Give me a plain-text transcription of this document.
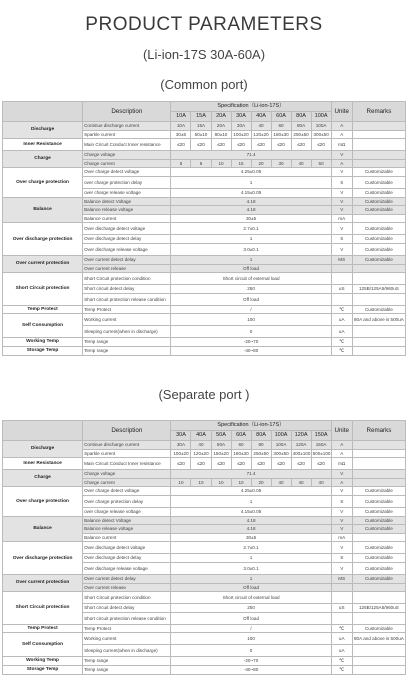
PRODUCT PARAMETERS
(Li-ion-17S 30A-60A)
(Common port)
(Separate port )
	Description	Specification（Li-ion-17S）								Unite	Remarks
		10A	15A	20A	30A	40A	60A	80A	100A		
Discharge	Continue discharge current	10A	15A	20A	30A	40	60	80A	100A	A	
	Sparkle current	30±5	50±10	80±10	100±20	120±20	180±30	250±50	300±50	A	
Inner Resistance	Main Circuit Conduct Inner resistance	≤20	≤20	≤20	≤20	≤20	≤20	≤20	≤20	mΩ	
Charge	Charge voltage	71.4								V	
	Charge current	5	8	10	15	20	30	40	50	A	
Over charge protection	Over charge detect voltage	4.25±0.05								V	Customizable
	over charge protection delay	1								S	Customizable
	over charge release voltage	4.15±0.05								V	Customizable
Balance	Balance detect Voltage	4.18								V	Customizable
	Balance release voltage	4.18								V	Customizable
	Balance current	30±5								mA	
Over discharge protection	Over discharge detect voltage	2.7±0.1								V	Customizable
	Over discharge detect delay	1								S	Customizable
	Over discharge release voltage	3.0±0.1								V	Customizable
Over current protection	Over current detect delay	1								MS	Customizable
	Over current release	Off load									
Short Circuit protection	Short Circuit protection condition	Short circuit of external load									
	Short circuit detect delay	250								uS	125B/125A5/960uS
	Short circuit protection release condition	Off load									
Temp Protect	Temp Protect	/								℃	Customizable
Self Consumption	Working current	100								uA	80A and above is 500uA
	Sleeping current(when in discharge)	0								uA	
Working Temp	Temp range	-20~70								℃	
Storage Temp	Temp range	-40~80								℃	
	Description	Specification（Li-ion-17S）								Unite	Remarks
		30A	40A	50A	60A	80A	100A	120A	150A		
Discharge	Continue discharge current	30A	40	50A	60	80	100A	120A	150A	A	
	Sparkle current	100±20	120±20	150±20	180±30	250±50	300±50	400±100	500±100	A	
Inner Resistance	Main Circuit Conduct Inner resistance	≤20	≤20	≤20	≤20	≤20	≤20	≤20	≤20	mΩ	
Charge	Charge voltage	71.4								V	
	Charge current	10	10	10	10	20	40	40	40	A	
Over charge protection	Over charge detect voltage	4.25±0.05								V	Customizable
	Over charge protection delay	1								S	Customizable
	over charge release voltage	4.15±0.05								V	Customizable
Balance	Balance detect Voltage	4.18								V	Customizable
	Balance release voltage	4.18								V	Customizable
	Balance current	30±5								mA	
Over discharge protection	Over discharge detect voltage	2.7±0.1								V	Customizable
	Over discharge detect delay	1								S	Customizable
	Over discharge release voltage	3.0±0.1								V	Customizable
Over current protection	Over current detect delay	1								MS	Customizable
	Over current release	Off load									
Short Circuit protection	Short Circuit protection condition	Short circuit of external load									
	Short circuit detect delay	250								uS	125B/125A5/960uS
	Short circuit protection release condition	Off load									
Temp Protect	Temp Protect	/								℃	Customizable
Self Consumption	Working current	100								uA	80A and above is 500uA
	Sleeping current(when in discharge)	0								uA	
Working Temp	Temp range	-20~70								℃	
Storage Temp	Temp range	-40~80								℃	
